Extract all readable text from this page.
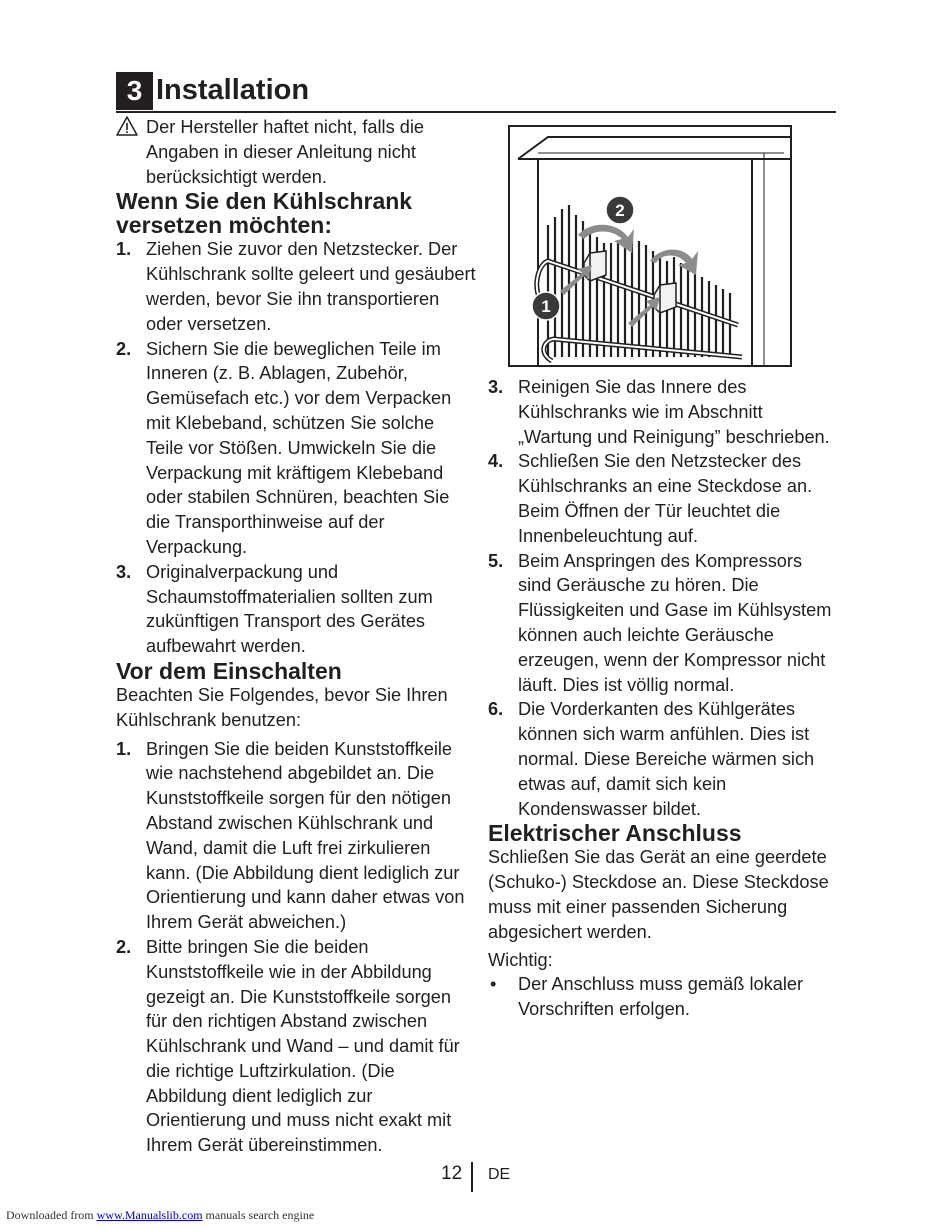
3 Installation
Der Hersteller haftet nicht, falls die Angaben in dieser Anleitung nicht berücksichtigt werden.
Wenn Sie den Kühlschrank versetzen möchten:
1. Ziehen Sie zuvor den Netzstecker. Der Kühlschrank sollte geleert und gesäubert werden, bevor Sie ihn transportieren oder versetzen.
2. Sichern Sie die beweglichen Teile im Inneren (z. B. Ablagen, Zubehör, Gemüsefach etc.) vor dem Verpacken mit Klebeband, schützen Sie solche Teile vor Stößen. Umwickeln Sie die Verpackung mit kräftigem Klebeband oder stabilen Schnüren, beachten Sie die Transporthinweise auf der Verpackung.
3. Originalverpackung und Schaumstoffmaterialien sollten zum zukünftigen Transport des Gerätes aufbewahrt werden.
Vor dem Einschalten
Beachten Sie Folgendes, bevor Sie Ihren Kühlschrank benutzen:
1. Bringen Sie die beiden Kunststoffkeile wie nachstehend abgebildet an. Die Kunststoffkeile sorgen für den nötigen Abstand zwischen Kühlschrank und Wand, damit die Luft frei zirkulieren kann. (Die Abbildung dient lediglich zur Orientierung und kann daher etwas von Ihrem Gerät abweichen.)
2. Bitte bringen Sie die beiden Kunststoffkeile wie in der Abbildung gezeigt an. Die Kunststoffkeile sorgen für den richtigen Abstand zwischen Kühlschrank und Wand – und damit für die richtige Luftzirkulation. (Die Abbildung dient lediglich zur Orientierung und muss nicht exakt mit Ihrem Gerät übereinstimmen.
2
1
3. Reinigen Sie das Innere des Kühlschranks wie im Abschnitt „Wartung und Reinigung” beschrieben.
4. Schließen Sie den Netzstecker des Kühlschranks an eine Steckdose an. Beim Öffnen der Tür leuchtet die Innenbeleuchtung auf.
5. Beim Anspringen des Kompressors sind Geräusche zu hören. Die Flüssigkeiten und Gase im Kühlsystem können auch leichte Geräusche erzeugen, wenn der Kompressor nicht läuft. Dies ist völlig normal.
6. Die Vorderkanten des Kühlgerätes können sich warm anfühlen. Dies ist normal. Diese Bereiche wärmen sich etwas auf, damit sich kein Kondenswasser bildet.
Elektrischer Anschluss
Schließen Sie das Gerät an eine geerdete (Schuko-) Steckdose an. Diese Steckdose muss mit einer passenden Sicherung abgesichert werden.
Wichtig:
• Der Anschluss muss gemäß lokaler Vorschriften erfolgen.
12 DE
Downloaded from www.Manualslib.com manuals search engine
